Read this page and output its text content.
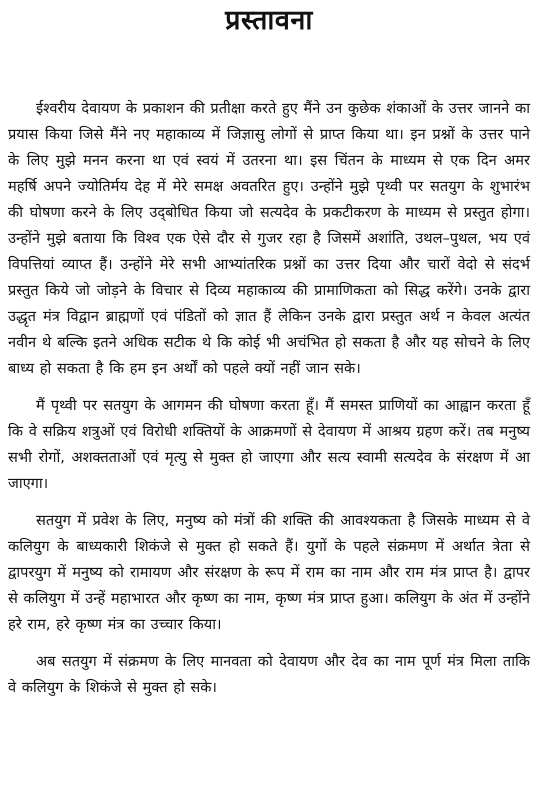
प्रस्तावना

ईश्वरीय देवायण के प्रकाशन की प्रतीक्षा करते हुए मैंने उन कुछेक शंकाओं के उत्तर जानने का प्रयास किया जिसे मैंने नए महाकाव्य में जिज्ञासु लोगों से प्राप्त किया था। इन प्रश्नों के उत्तर पाने के लिए मुझे मनन करना था एवं स्वयं में उतरना था। इस चिंतन के माध्यम से एक दिन अमर महर्षि अपने ज्योतिर्मय देह में मेरे समक्ष अवतरित हुए। उन्होंने मुझे पृथ्वी पर सतयुग के शुभारंभ की घोषणा करने के लिए उद्‌बोधित किया जो सत्यदेव के प्रकटीकरण के माध्यम से प्रस्तुत होगा। उन्होंने मुझे बताया कि विश्व एक ऐसे दौर से गुजर रहा है जिसमें अशांति, उथल–पुथल, भय एवं विपत्तियां व्याप्त हैं। उन्होंने मेरे सभी आभ्यांतरिक प्रश्नों का उत्तर दिया और चारों वेदो से संदर्भ प्रस्तुत किये जो जोड़ने के विचार से दिव्य महाकाव्य की प्रामाणिकता को सिद्ध करेंगे। उनके द्वारा उद्धृत मंत्र विद्वान ब्राह्मणों एवं पंडितों को ज्ञात हैं लेकिन उनके द्वारा प्रस्तुत अर्थ न केवल अत्यंत नवीन थे बल्कि इतने अधिक सटीक थे कि कोई भी अचंभित हो सकता है और यह सोचने के लिए बाध्य हो सकता है कि हम इन अर्थों को पहले क्यों नहीं जान सके।

मैं पृथ्वी पर सतयुग के आगमन की घोषणा करता हूँ। मैं समस्त प्राणियों का आह्वान करता हूँ कि वे सक्रिय शत्रुओं एवं विरोधी शक्तियों के आक्रमणों से देवायण में आश्रय ग्रहण करें। तब मनुष्य सभी रोगों, अशक्तताओं एवं मृत्यु से मुक्त हो जाएगा और सत्य स्वामी सत्यदेव के संरक्षण में आ जाएगा।

सतयुग में प्रवेश के लिए, मनुष्य को मंत्रों की शक्ति की आवश्यकता है जिसके माध्यम से वे कलियुग के बाध्यकारी शिकंजे से मुक्त हो सकते हैं। युगों के पहले संक्रमण में अर्थात त्रेता से द्वापरयुग में मनुष्य को रामायण और संरक्षण के रूप में राम का नाम और राम मंत्र प्राप्त है। द्वापर से कलियुग में उन्हें महाभारत और कृष्ण का नाम, कृष्ण मंत्र प्राप्त हुआ। कलियुग के अंत में उन्होंने हरे राम, हरे कृष्ण मंत्र का उच्चार किया।

अब सतयुग में संक्रमण के लिए मानवता को देवायण और देव का नाम पूर्ण मंत्र मिला ताकि वे कलियुग के शिकंजे से मुक्त हो सके।
